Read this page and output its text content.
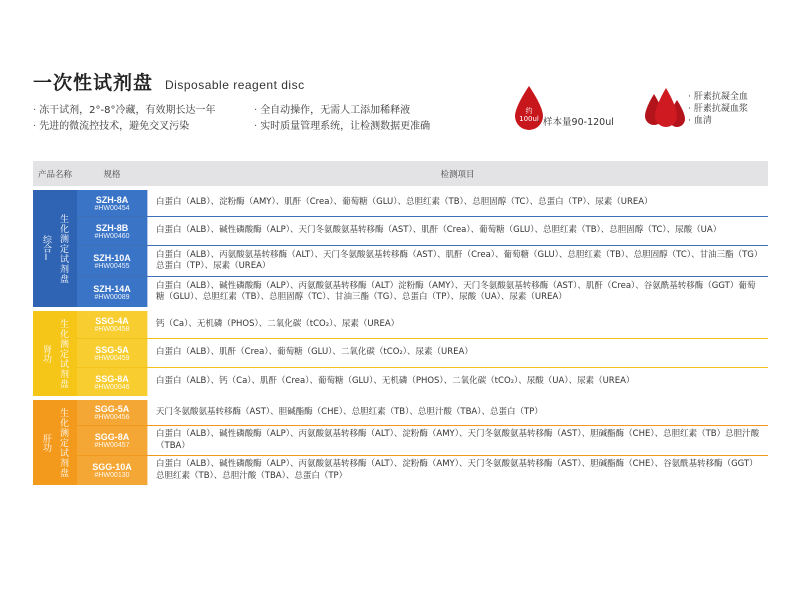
一次性试剂盘 Disposable reagent disc
· 冻干试剂，2°-8°冷藏，有效期长达一年	· 全自动操作，无需人工添加稀释液
· 先进的微流控技术，避免交叉污染	· 实时质量管理系统，让检测数据更准确
约
100ul
· 样本量90-120ul
· 肝素抗凝全血
· 肝素抗凝血浆
· 血清
产品名称	规格	检测项目
综合Ⅰ 生化测定试剂盘
SZH-8A
#HW00454
白蛋白（ALB）、淀粉酶（AMY）、肌酐（Crea）、葡萄糖（GLU）、总胆红素（TB）、总胆固醇（TC）、总蛋白（TP）、尿素（UREA）
SZH-8B
#HW00460
白蛋白（ALB）、碱性磷酸酶（ALP）、天门冬氨酸氨基转移酶（AST）、肌酐（Crea）、葡萄糖（GLU）、总胆红素（TB）、总胆固醇（TC）、尿酸（UA）
SZH-10A
#HW00455
白蛋白（ALB）、丙氨酸氨基转移酶（ALT）、天门冬氨酸氨基转移酶（AST）、肌酐（Crea）、葡萄糖（GLU）、总胆红素（TB）、总胆固醇（TC）、甘油三酯（TG）总蛋白（TP）、尿素（UREA）
SZH-14A
#HW00089
白蛋白（ALB）、碱性磷酸酶（ALP）、丙氨酸氨基转移酶（ALT）淀粉酶（AMY）、天门冬氨酸氨基转移酶（AST）、肌酐（Crea）、谷氨酰基转移酶（GGT）葡萄糖（GLU）、总胆红素（TB）、总胆固醇（TC）、甘油三酯（TG）、总蛋白（TP）、尿酸（UA）、尿素（UREA）
肾功 生化测定试剂盘	SSG-4A
#HW00458
钙（Ca）、无机磷（PHOS）、二氧化碳（tCO₂）、尿素（UREA）
SSG-5A
#HW00459
白蛋白（ALB）、肌酐（Crea）、葡萄糖（GLU）、二氧化碳（tCO₂）、尿素（UREA）
SSG-8A
#HW00046
白蛋白（ALB）、钙（Ca）、肌酐（Crea）、葡萄糖（GLU）、无机磷（PHOS）、二氧化碳（tCO₂）、尿酸（UA）、尿素（UREA）
肝功 生化测定试剂盘	SGG-5A
#HW00456
天门冬氨酸氨基转移酶（AST）、胆碱酯酶（CHE）、总胆红素（TB）、总胆汁酸（TBA）、总蛋白（TP）
SGG-8A
#HW00457
白蛋白（ALB）、碱性磷酸酶（ALP）、丙氨酸氨基转移酶（ALT）、淀粉酶（AMY）、天门冬氨酸氨基转移酶（AST）、胆碱酯酶（CHE）、总胆红素（TB）总胆汁酸（TBA）
SGG-10A
#HW00130
白蛋白（ALB）、碱性磷酸酶（ALP）、丙氨酸氨基转移酶（ALT）、淀粉酶（AMY）、天门冬氨酸氨基转移酶（AST）、胆碱酯酶（CHE）、谷氨酰基转移酶（GGT）总胆红素（TB）、总胆汁酸（TBA）、总蛋白（TP）
